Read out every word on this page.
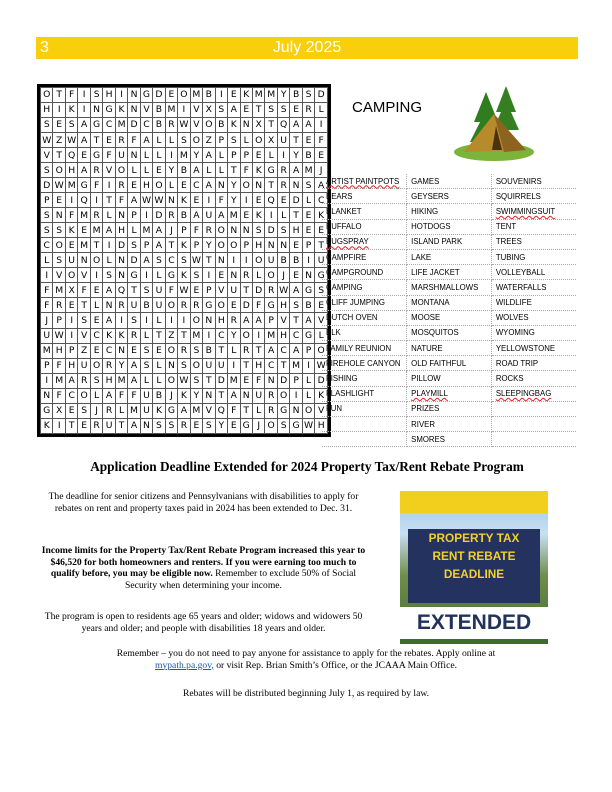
3	July 2025
O	T	F	I	S	H	I	N	G	D	E	O	M	B	I	E	K	M	M	Y	B	S	D
H	I	K	I	N	G	K	N	V	B	M	I	V	X	S	A	E	T	S	S	E	R	L
S	E	S	A	G	C	M	D	C	B	R	W	V	O	B	K	N	X	T	Q	A	A	I
W	Z	W	A	T	E	R	F	A	L	L	S	O	Z	P	S	L	O	X	U	T	E	F
V	T	Q	E	G	F	U	N	L	L	I	M	Y	A	L	P	P	E	L	I	Y	B	E
S	O	H	A	R	V	O	L	L	E	Y	B	A	L	L	T	F	K	G	R	A	M	J
D	W	M	G	F	I	R	E	H	O	L	E	C	A	N	Y	O	N	T	R	N	S	A
P	E	I	Q	I	T	F	A	W	W	N	K	E	I	F	Y	I	E	Q	E	D	L	C
S	N	F	M	R	L	N	P	I	D	R	B	A	U	A	M	E	K	I	L	T	E	K
S	S	K	E	M	A	H	L	M	A	J	P	F	R	O	N	N	S	D	S	H	E	E
C	O	E	M	T	I	D	S	P	A	T	K	P	Y	O	O	P	H	N	N	E	P	T
L	S	U	N	O	L	N	D	A	S	C	S	W	T	N	I	I	O	U	B	B	I	U
I	V	O	V	I	S	N	G	I	L	G	K	S	I	E	N	R	L	O	J	E	N	G
F	M	X	F	E	A	Q	T	S	U	F	W	E	P	V	U	T	D	R	W	A	G	S
F	R	E	T	L	N	R	U	B	U	O	R	R	G	O	E	D	F	G	H	S	B	E
J	P	I	S	E	A	I	S	I	L	I	I	O	N	H	R	A	A	P	V	T	A	V
U	W	I	V	C	K	K	R	L	T	Z	T	M	I	C	Y	O	I	M	H	C	G	L
M	H	P	Z	E	C	N	E	S	E	O	R	S	B	T	L	R	T	A	C	A	P	O
P	F	H	U	O	R	Y	A	S	L	N	S	O	U	U	I	T	H	C	T	M	I	W
I	M	A	R	S	H	M	A	L	L	O	W	S	T	D	M	E	F	N	D	P	L	D
N	F	C	O	L	A	F	F	U	B	J	K	Y	N	T	A	N	U	R	O	I	L	K
G	X	E	S	J	R	L	M	U	K	G	A	M	V	Q	F	T	L	R	G	N	O	V
K	I	T	E	R	U	T	A	N	S	S	R	E	S	Y	E	G	J	O	S	G	W	H
CAMPING
ARTIST PAINTPOTS	GAMES	SOUVENIRS
BEARS	GEYSERS	SQUIRRELS
BLANKET	HIKING	SWIMMINGSUIT
BUFFALO	HOTDOGS	TENT
BUGSPRAY	ISLAND PARK	TREES
CAMPFIRE	LAKE	TUBING
CAMPGROUND	LIFE JACKET	VOLLEYBALL
CAMPING	MARSHMALLOWS	WATERFALLS
CLIFF JUMPING	MONTANA	WILDLIFE
DUTCH OVEN	MOOSE	WOLVES
ELK	MOSQUITOS	WYOMING
FAMILY REUNION	NATURE	YELLOWSTONE
FIREHOLE CANYON	OLD FAITHFUL	ROAD TRIP
FISHING	PILLOW	ROCKS
FLASHLIGHT	PLAYMILL	SLEEPINGBAG
FUN	PRIZES	
	RIVER	
	SMORES	

Application Deadline Extended for 2024 Property Tax/Rent Rebate Program

The deadline for senior citizens and Pennsylvanians with disabilities to apply for rebates on rent and property taxes paid in 2024 has been extended to Dec. 31.
Income limits for the Property Tax/Rent Rebate Program increased this year to $46,520 for both homeowners and renters. If you were earning too much to qualify before, you may be eligible now. Remember to exclude 50% of Social Security when determining your income.
The program is open to residents age 65 years and older; widows and widowers 50 years and older; and people with disabilities 18 years and older.
PROPERTY TAX
RENT REBATE
DEADLINE
EXTENDED
Remember – you do not need to pay anyone for assistance to apply for the rebates. Apply online at
mypath.pa.gov, or visit Rep. Brian Smith’s Office, or the JCAAA Main Office.
Rebates will be distributed beginning July 1, as required by law.
